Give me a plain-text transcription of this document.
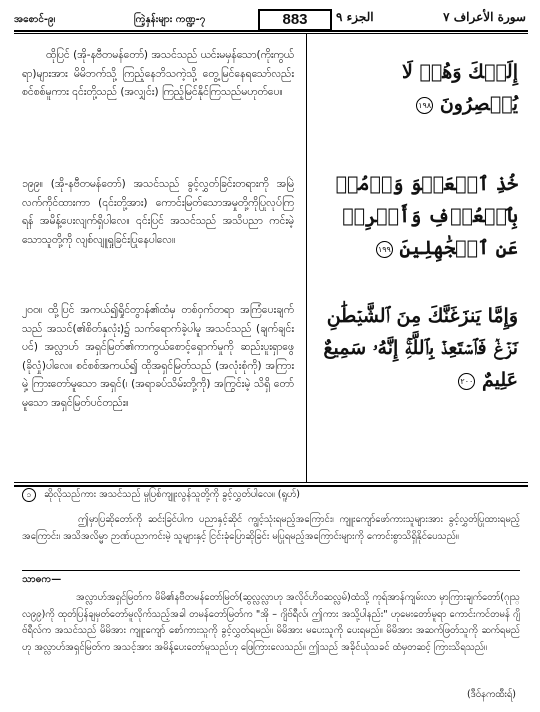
အစောင်-၉၊	ကြဲ့နှန်းများ ကဏ္ဍ-၇	883	الجزء ٩	سورة الأعراف ٧
ထိုပြင် (အို-နဗီတမန်တော်) အသင်သည် ယင်းမမှန်သော(ကိုးကွယ်ရာ)များအား မိမိဘက်သို့ ကြည့်နေဘိသကဲ့သို့ တွေ့မြင်နေရသော်လည်း စင်စစ်မူကား ၎င်းတို့သည် (အလျှင်း) ကြည့်မြင်နိုင်ကြသည်မဟုတ်ပေ။
၁၉၉။ (အို-နဗီတမန်တော်) အသင်သည် ခွင့်လွှတ်ခြင်းတရားကို အမြဲလက်ကိုင်ထားကာ (၎င်းတို့အား) ကောင်းမြတ်သောအမှုတို့ကိုပြုလုပ်ကြရန် အမိန့်ပေးလျက်ရှိပါလေ။ ၎င်းပြင် အသင်သည် အသိပညာ ကင်းမဲ့သောသူတို့ကို လျစ်လျူရှုခြင်းပြုနေပါလေ။
၂၀၀။ ထို့ပြင် အကယ်၍ရှိုင်တွာန်၏ထံမှ တစ်ဝှက်တရာ အကြံပေးချက်သည် အသင်(၏စိတ်နှလုံး)၌ သက်ရောက်ခဲ့ပါမူ အသင်သည် (ချက်ချင်းပင်) အလ္လာဟ် အရှင်မြတ်၏ကာကွယ်စောင့်ရှောက်မှုကို ဆည်းပူးရှာဖွေ (ခိုလှုံ)ပါလေ။ စင်စစ်အကယ်၍ ထိုအရှင်မြတ်သည် (အလုံးစုံကို) အကြားမှဲ့ ကြားတော်မူသော အရှင်(၊ (အရာခပ်သိမ်းတို့ကို) အကြွင်းမဲ့ သိရှိ တော်မူသော အရှင်မြတ်ပင်တည်း။
إِلَيۡكَ وَهُمۡ لَا يُبۡصِرُونَ ١٩٨
خُذِ ٱلۡعَفۡوَ وَأۡمُرۡ بِٱلۡعُرۡفِ وَأَعۡرِضۡ عَنِ ٱلۡجَٰهِلِينَ ١٩٩
وَإِمَّا يَنزَغَنَّكَ مِنَ ٱلشَّيۡطَٰنِ نَزۡغٞ فَٱسۡتَعِذۡ بِٱللَّهِۚ إِنَّهُۥ سَمِيعٌ عَلِيمٌ ٢٠٠
၁ ဆိုလိုသည်ကား အသင်သည် မှုပြစ်ကျူးလွန်သူတို့ကို ခွင့်လွှတ်ပါလေ။ (ရူဟ်)
ဤမှာပြဆိုတော်ကို ဆင်းခြင်ပါက ပညာနှင့်ဆိုင် ကျွင့်သုံးရမည့်အကြောင်း၊ ကျူးကျော်ဖော်ကားသူများအား ခွင့်လွှတ်ပြုထားရမည့်အကြောင်း၊ အသိအလိမ္မာ ဉာဏ်ပညာကင်းမဲ့ သူများနှင့် ငြင်းခုံပြောဆိုခြင်း မပြုရမည့်အကြောင်းများကို ကောင်းစွာသိရှိနိုင်ပေသည်။
သာဓက—
အလ္လာဟ်အရှင်မြတ်က မိမိ၏နဗီတမန်တော်မြတ်(ဆွလ္လလ္လာဟု အလိုင်ဟိဝဆလ္လမ်)ထံသို့ ကုရ်အာန်ကျမ်းလာ မှာကြားချက်တော်(ဂုုသ္လ၉၉)ကို ထုတ်ပြန်ချမှတ်တော်မူလိုက်သည့်အခါ တမန်တော်မြတ်က "အို – ဂျိဗ်ရီလ်၊ ဤကား အသို့ပါနည်း" ဟုမေးတော်မူရာ ကောင်းကင်တမန် ဂျိဗ်ရီလ်က အသင်သည် မိမိအား ကျူးကျော် စော်ကားသူကို ခွင့်လွှတ်ရမည်။ မိမိအား မပေးသူကို ပေးရမည်။ မိမိအား အဆက်ဖြတ်သူကို ဆက်ရမည်ဟု အလ္လာဟ်အရှင်မြတ်က အသင့်အား အမိန့်ပေးတော်မူသည်ဟု ဖြေကြားလေသည်။ ဤသည် အခိုင်ယုံသခင် ထံမှတဆင့် ကြားသိရသည်။
(ဒီဝ်နကထီးရ်)
